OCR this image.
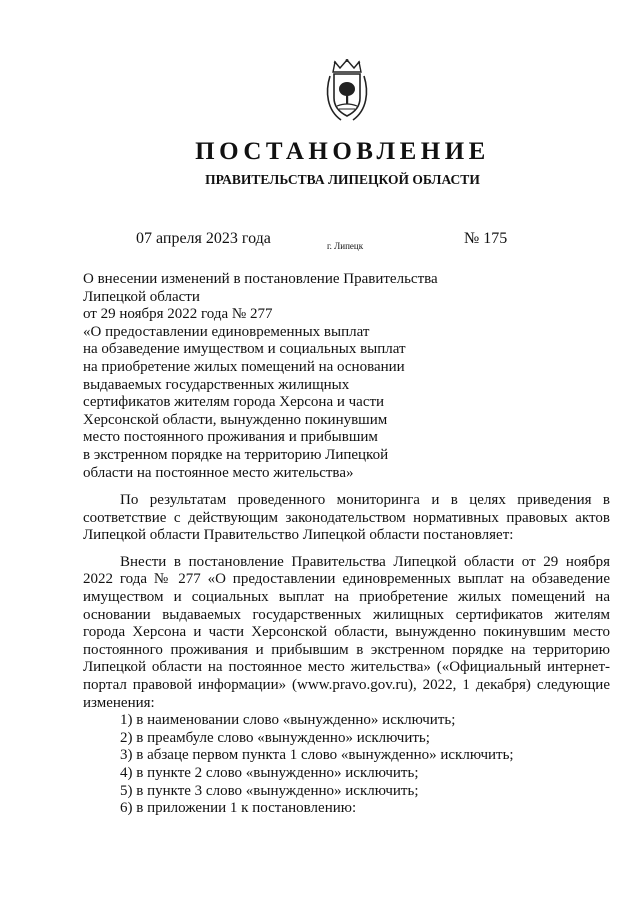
ПОСТАНОВЛЕНИЕ
ПРАВИТЕЛЬСТВА ЛИПЕЦКОЙ ОБЛАСТИ
07 апреля 2023 года	г. Липецк	№ 175
О внесении изменений в постановление Правительства
Липецкой области
от 29 ноября 2022 года № 277
«О предоставлении единовременных выплат
на обзаведение имуществом и социальных выплат
на приобретение жилых помещений на основании
выдаваемых государственных жилищных
сертификатов жителям города Херсона и части
Херсонской области, вынужденно покинувшим
место постоянного проживания и прибывшим
в экстренном порядке на территорию Липецкой
области на постоянное место жительства»

По результатам проведенного мониторинга и в целях приведения в соответствие с действующим законодательством нормативных правовых актов Липецкой области Правительство Липецкой области постановляет:

Внести в постановление Правительства Липецкой области от 29 ноября 2022 года № 277 «О предоставлении единовременных выплат на обзаведение имуществом и социальных выплат на приобретение жилых помещений на основании выдаваемых государственных жилищных сертификатов жителям города Херсона и части Херсонской области, вынужденно покинувшим место постоянного проживания и прибывшим в экстренном порядке на территорию Липецкой области на постоянное место жительства» («Официальный интернет-портал правовой информации» (www.pravo.gov.ru), 2022, 1 декабря) следующие изменения:

1) в наименовании слово «вынужденно» исключить;
2) в преамбуле слово «вынужденно» исключить;
3) в абзаце первом пункта 1 слово «вынужденно» исключить;
4) в пункте 2 слово «вынужденно» исключить;
5) в пункте 3 слово «вынужденно» исключить;
6) в приложении 1 к постановлению:
